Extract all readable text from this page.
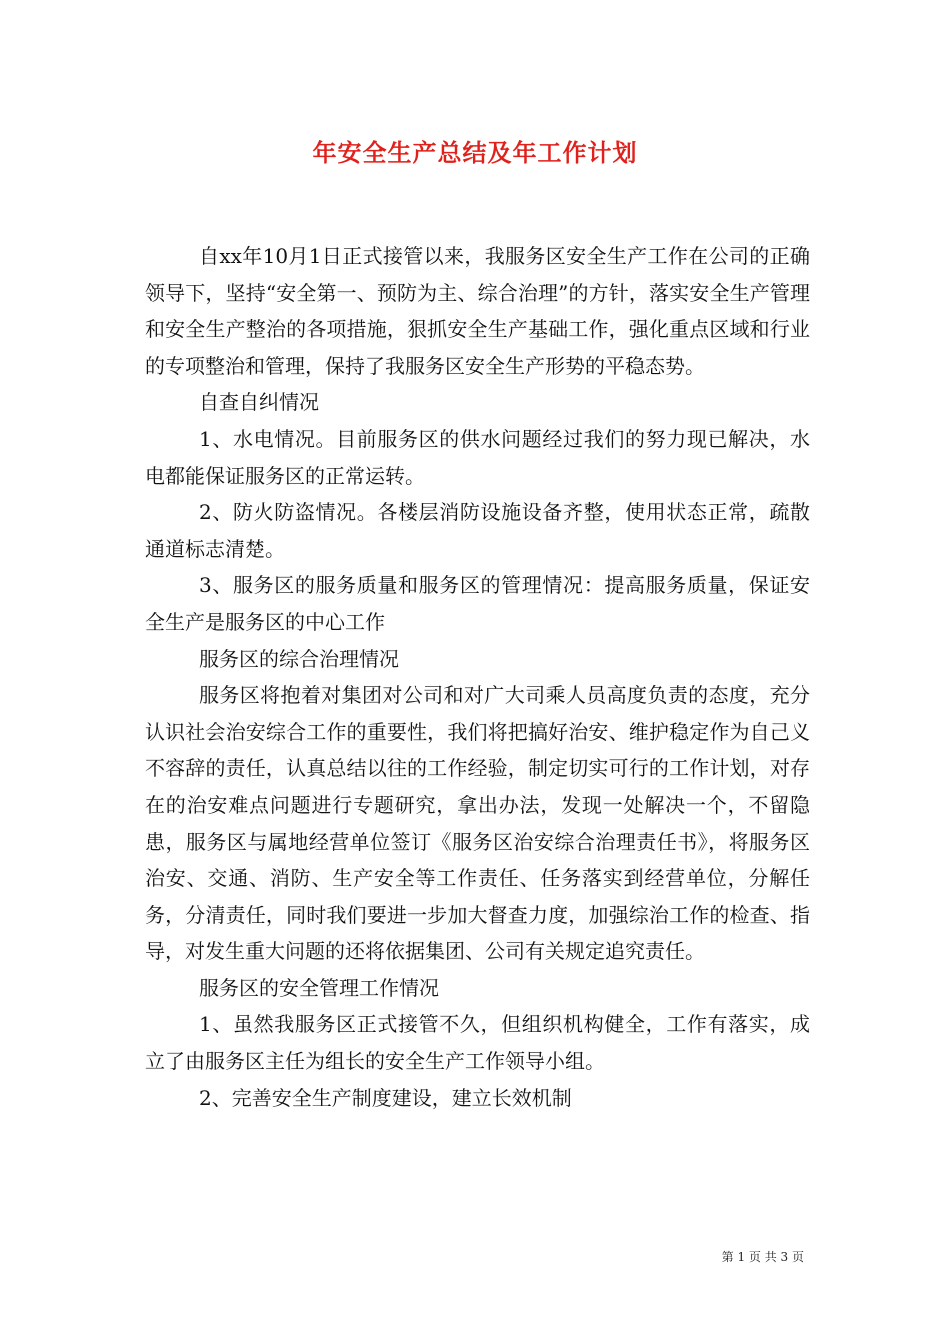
年安全生产总结及年工作计划

自xx年10月1日正式接管以来，我服务区安全生产工作在公司的正确领导下，坚持“安全第一、预防为主、综合治理”的方针，落实安全生产管理和安全生产整治的各项措施，狠抓安全生产基础工作，强化重点区域和行业的专项整治和管理，保持了我服务区安全生产形势的平稳态势。

自查自纠情况

1、水电情况。目前服务区的供水问题经过我们的努力现已解决，水电都能保证服务区的正常运转。

2、防火防盗情况。各楼层消防设施设备齐整，使用状态正常，疏散通道标志清楚。

3、服务区的服务质量和服务区的管理情况：提高服务质量，保证安全生产是服务区的中心工作

服务区的综合治理情况

服务区将抱着对集团对公司和对广大司乘人员高度负责的态度，充分认识社会治安综合工作的重要性，我们将把搞好治安、维护稳定作为自己义不容辞的责任，认真总结以往的工作经验，制定切实可行的工作计划，对存在的治安难点问题进行专题研究，拿出办法，发现一处解决一个，不留隐患，服务区与属地经营单位签订《服务区治安综合治理责任书》，将服务区治安、交通、消防、生产安全等工作责任、任务落实到经营单位，分解任务，分清责任，同时我们要进一步加大督查力度，加强综治工作的检查、指导，对发生重大问题的还将依据集团、公司有关规定追究责任。

服务区的安全管理工作情况

1、虽然我服务区正式接管不久，但组织机构健全，工作有落实，成立了由服务区主任为组长的安全生产工作领导小组。

2、完善安全生产制度建设，建立长效机制

第 1 页 共 3 页
